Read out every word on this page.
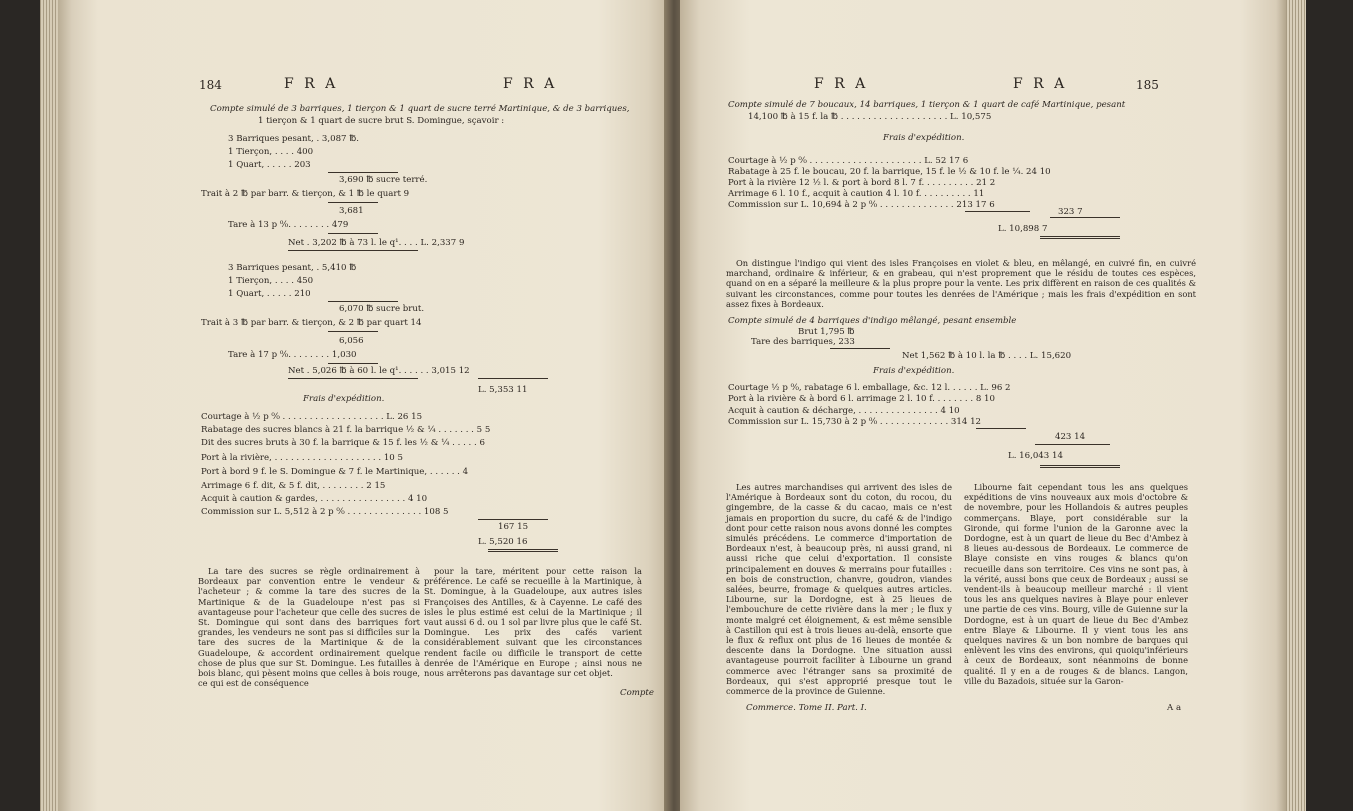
184	F R A	F R A
Compte simulé de 3 barriques, 1 tierçon & 1 quart de sucre terré Martinique, & de 3 barriques,
1 tierçon & 1 quart de sucre brut S. Domingue, sçavoir :
3 Barriques pesant, . 3,087 ℔.
1 Tierçon, . . . . 400
1 Quart, . . . . . 203
3,690 ℔ sucre terré.
Trait à 2 ℔ par barr. & tierçon, & 1 ℔ le quart 9
3,681
Tare à 13 p ⁰⁄₀. . . . . . . . 479
Net . 3,202 ℔ à 73 l. le q¹. . . . L. 2,337 9
3 Barriques pesant, . 5,410 ℔
1 Tierçon, . . . . 450
1 Quart, . . . . . 210
6,070 ℔ sucre brut.
Trait à 3 ℔ par barr. & tierçon, & 2 ℔ par quart 14
6,056
Tare à 17 p ⁰⁄₀. . . . . . . . 1,030
Net . 5,026 ℔ à 60 l. le q¹. . . . . . 3,015 12
L. 5,353 11
Frais d'expédition.
Courtage à ½ p ⁰⁄₀ . . . . . . . . . . . . . . . . . . . L. 26 15
Rabatage des sucres blancs à 21 f. la barrique ½ & ¼ . . . . . . . 5 5
Dit des sucres bruts à 30 f. la barrique & 15 f. les ½ & ¼ . . . . . 6
Port à la rivière, . . . . . . . . . . . . . . . . . . . . 10 5
Port à bord 9 f. le S. Domingue & 7 f. le Martinique, . . . . . . 4
Arrimage 6 f. dit, & 5 f. dit, . . . . . . . . 2 15
Acquit à caution & gardes, . . . . . . . . . . . . . . . . 4 10
Commission sur L. 5,512 à 2 p ⁰⁄₀ . . . . . . . . . . . . . . 108 5
167 15
L. 5,520 16

La tare des sucres se règle ordinairement à Bordeaux par convention entre le vendeur & l'acheteur ; & comme la tare des sucres de la Martinique & de la Guadeloupe n'est pas si avantageuse pour l'acheteur que celle des sucres de St. Domingue qui sont dans des barriques fort grandes, les vendeurs ne sont pas si difficiles sur la tare des sucres de la Martinique & de la Guadeloupe, & accordent ordinairement quelque chose de plus que sur St. Domingue. Les futailles à bois blanc, qui pèsent moins que celles à bois rouge, ce qui est de conséquence

pour la tare, méritent pour cette raison la préférence. Le café se recueille à la Martinique, à St. Domingue, à la Guadeloupe, aux autres isles Françoises des Antilles, & à Cayenne. Le café des isles le plus estimé est celui de la Martinique ; il vaut aussi 6 d. ou 1 sol par livre plus que le café St. Domingue. Les prix des cafés varient considérablement suivant que les circonstances rendent facile ou difficile le transport de cette denrée de l'Amérique en Europe ; ainsi nous ne nous arrêterons pas davantage sur cet objet.

Compte
F R A	F R A	185
Compte simulé de 7 boucaux, 14 barriques, 1 tierçon & 1 quart de café Martinique, pesant
14,100 ℔ à 15 f. la ℔ . . . . . . . . . . . . . . . . . . . . L. 10,575
Frais d'expédition.
Courtage à ½ p ⁰⁄₀ . . . . . . . . . . . . . . . . . . . . . L. 52 17 6
Rabatage à 25 f. le boucau, 20 f. la barrique, 15 f. le ½ & 10 f. le ¼. 24 10
Port à la rivière 12 ½ l. & port à bord 8 l. 7 f. . . . . . . . . . 21 2
Arrimage 6 l. 10 f., acquit à caution 4 l. 10 f. . . . . . . . . . 11
Commission sur L. 10,694 à 2 p ⁰⁄₀ . . . . . . . . . . . . . . 213 17 6
323 7
L. 10,898 7

On distingue l'indigo qui vient des isles Françoises en violet & bleu, en mêlangé, en cuivré fin, en cuivré marchand, ordinaire & inférieur, & en grabeau, qui n'est proprement que le résidu de toutes ces espèces, quand on en a séparé la meilleure & la plus propre pour la vente. Les prix diffèrent en raison de ces qualités & suivant les circonstances, comme pour toutes les denrées de l'Amérique ; mais les frais d'expédition en sont assez fixes à Bordeaux.

Compte simulé de 4 barriques d'indigo mêlangé, pesant ensemble
Brut 1,795 ℔
Tare des barriques, 233
Net 1,562 ℔ à 10 l. la ℔ . . . . L. 15,620
Frais d'expédition.
Courtage ½ p ⁰⁄₀, rabatage 6 l. emballage, &c. 12 l. . . . . . L. 96 2
Port à la rivière & à bord 6 l. arrimage 2 l. 10 f. . . . . . . . 8 10
Acquit à caution & décharge, . . . . . . . . . . . . . . . 4 10
Commission sur L. 15,730 à 2 p ⁰⁄₀ . . . . . . . . . . . . . 314 12
423 14
L. 16,043 14

Les autres marchandises qui arrivent des isles de l'Amérique à Bordeaux sont du coton, du rocou, du gingembre, de la casse & du cacao, mais ce n'est jamais en proportion du sucre, du café & de l'indigo dont pour cette raison nous avons donné les comptes simulés précédens. Le commerce d'importation de Bordeaux n'est, à beaucoup près, ni aussi grand, ni aussi riche que celui d'exportation. Il consiste principalement en douves & merrains pour futailles : en bois de construction, chanvre, goudron, viandes salées, beurre, fromage & quelques autres articles. Libourne, sur la Dordogne, est à 25 lieues de l'embouchure de cette rivière dans la mer ; le flux y monte malgré cet éloignement, & est même sensible à Castillon qui est à trois lieues au-delà, ensorte que le flux & reflux ont plus de 16 lieues de montée & descente dans la Dordogne. Une situation aussi avantageuse pourroit faciliter à Libourne un grand commerce avec l'étranger sans sa proximité de Bordeaux, qui s'est approprié presque tout le commerce de la province de Guienne.

Libourne fait cependant tous les ans quelques expéditions de vins nouveaux aux mois d'octobre & de novembre, pour les Hollandois & autres peuples commerçans. Blaye, port considérable sur la Gironde, qui forme l'union de la Garonne avec la Dordogne, est à un quart de lieue du Bec d'Ambez à 8 lieues au-dessous de Bordeaux. Le commerce de Blaye consiste en vins rouges & blancs qu'on recueille dans son territoire. Ces vins ne sont pas, à la vérité, aussi bons que ceux de Bordeaux ; aussi se vendent-ils à beaucoup meilleur marché : il vient tous les ans quelques navires à Blaye pour enlever une partie de ces vins. Bourg, ville de Guienne sur la Dordogne, est à un quart de lieue du Bec d'Ambez entre Blaye & Libourne. Il y vient tous les ans quelques navires & un bon nombre de barques qui enlèvent les vins des environs, qui quoiqu'inférieurs à ceux de Bordeaux, sont néanmoins de bonne qualité. Il y en a de rouges & de blancs. Langon, ville du Bazadois, située sur la Garon-

Commerce. Tome II. Part. I.	A a
